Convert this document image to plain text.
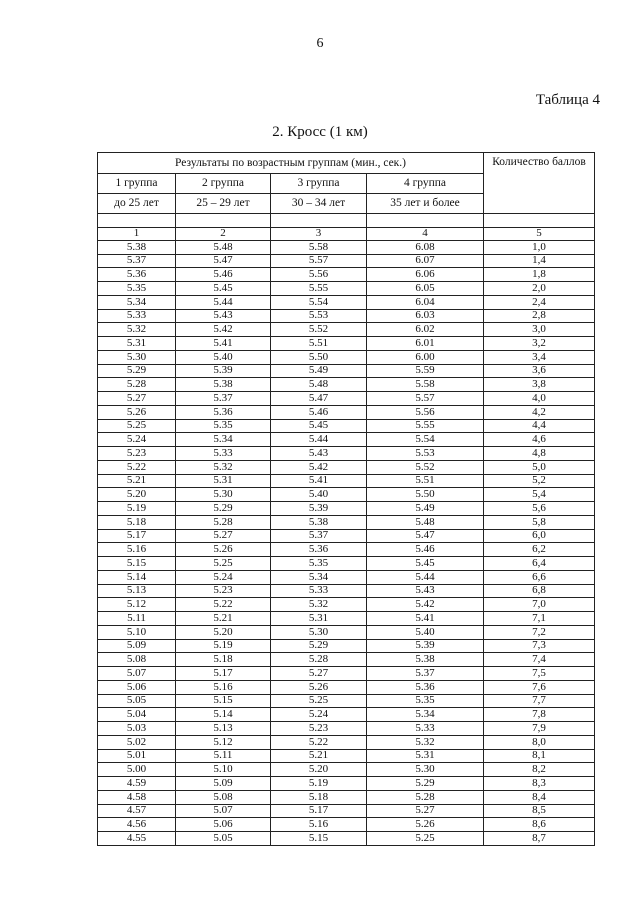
6
Таблица 4
2. Кросс (1 км)
Результаты по возрастным группам (мин., сек.)				Количество баллов
1 группа	2 группа	3 группа	4 группа	
до 25 лет	25 – 29 лет	30 – 34 лет	35 лет и более	

1	2	3	4	5
5.38	5.48	5.58	6.08	1,0
5.37	5.47	5.57	6.07	1,4
5.36	5.46	5.56	6.06	1,8
5.35	5.45	5.55	6.05	2,0
5.34	5.44	5.54	6.04	2,4
5.33	5.43	5.53	6.03	2,8
5.32	5.42	5.52	6.02	3,0
5.31	5.41	5.51	6.01	3,2
5.30	5.40	5.50	6.00	3,4
5.29	5.39	5.49	5.59	3,6
5.28	5.38	5.48	5.58	3,8
5.27	5.37	5.47	5.57	4,0
5.26	5.36	5.46	5.56	4,2
5.25	5.35	5.45	5.55	4,4
5.24	5.34	5.44	5.54	4,6
5.23	5.33	5.43	5.53	4,8
5.22	5.32	5.42	5.52	5,0
5.21	5.31	5.41	5.51	5,2
5.20	5.30	5.40	5.50	5,4
5.19	5.29	5.39	5.49	5,6
5.18	5.28	5.38	5.48	5,8
5.17	5.27	5.37	5.47	6,0
5.16	5.26	5.36	5.46	6,2
5.15	5.25	5.35	5.45	6,4
5.14	5.24	5.34	5.44	6,6
5.13	5.23	5.33	5.43	6,8
5.12	5.22	5.32	5.42	7,0
5.11	5.21	5.31	5.41	7,1
5.10	5.20	5.30	5.40	7,2
5.09	5.19	5.29	5.39	7,3
5.08	5.18	5.28	5.38	7,4
5.07	5.17	5.27	5.37	7,5
5.06	5.16	5.26	5.36	7,6
5.05	5.15	5.25	5.35	7,7
5.04	5.14	5.24	5.34	7,8
5.03	5.13	5.23	5.33	7,9
5.02	5.12	5.22	5.32	8,0
5.01	5.11	5.21	5.31	8,1
5.00	5.10	5.20	5.30	8,2
4.59	5.09	5.19	5.29	8,3
4.58	5.08	5.18	5.28	8,4
4.57	5.07	5.17	5.27	8,5
4.56	5.06	5.16	5.26	8,6
4.55	5.05	5.15	5.25	8,7
